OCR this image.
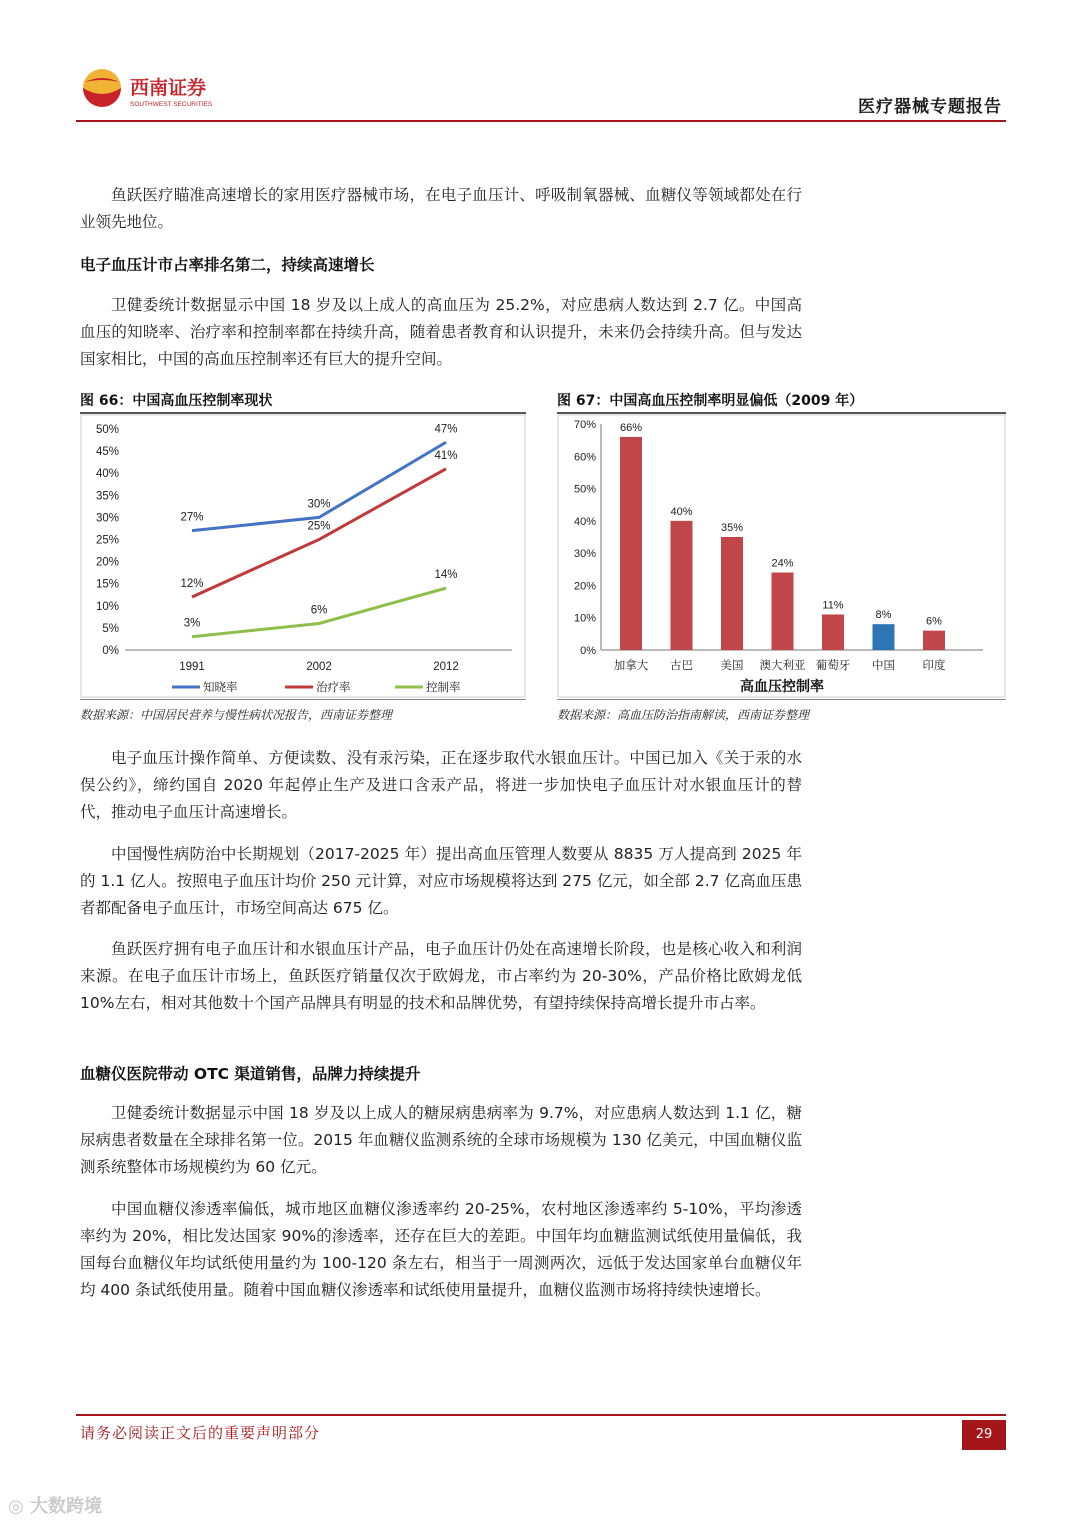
西南证券
SOUTHWEST SECURITIES	医疗器械专题报告

鱼跃医疗瞄准高速增长的家用医疗器械市场，在电子血压计、呼吸制氧器械、血糖仪等领域都处在行业领先地位。

电子血压计市占率排名第二，持续高速增长

卫健委统计数据显示中国 18 岁及以上成人的高血压为 25.2%，对应患病人数达到 2.7 亿。中国高血压的知晓率、治疗率和控制率都在持续升高，随着患者教育和认识提升，未来仍会持续升高。但与发达国家相比，中国的高血压控制率还有巨大的提升空间。

图 66：中国高血压控制率现状
0%
5%
10%
15%
20%
25%
30%
35%
40%
45%
50%
1991	2002	2012
27%
30%
47%
12%
25%
41%
3%
6%
14%
知晓率	治疗率	控制率
数据来源：中国居民营养与慢性病状况报告，西南证券整理
图 67：中国高血压控制率明显偏低（2009 年）
0%
10%
20%
30%
40%
50%
60%
70% 66%
加拿大
40%
古巴
35%
美国
24%
澳大利亚
11%
葡萄牙
8%
中国
6%
印度
高血压控制率
数据来源：高血压防治指南解读，西南证券整理

电子血压计操作简单、方便读数、没有汞污染，正在逐步取代水银血压计。中国已加入《关于汞的水俣公约》，缔约国自 2020 年起停止生产及进口含汞产品，将进一步加快电子血压计对水银血压计的替代，推动电子血压计高速增长。

中国慢性病防治中长期规划（2017-2025 年）提出高血压管理人数要从 8835 万人提高到 2025 年的 1.1 亿人。按照电子血压计均价 250 元计算，对应市场规模将达到 275 亿元，如全部 2.7 亿高血压患者都配备电子血压计，市场空间高达 675 亿。

鱼跃医疗拥有电子血压计和水银血压计产品，电子血压计仍处在高速增长阶段，也是核心收入和利润来源。在电子血压计市场上，鱼跃医疗销量仅次于欧姆龙，市占率约为 20-30%，产品价格比欧姆龙低 10%左右，相对其他数十个国产品牌具有明显的技术和品牌优势，有望持续保持高增长提升市占率。

血糖仪医院带动 OTC 渠道销售，品牌力持续提升

卫健委统计数据显示中国 18 岁及以上成人的糖尿病患病率为 9.7%，对应患病人数达到 1.1 亿，糖尿病患者数量在全球排名第一位。2015 年血糖仪监测系统的全球市场规模为 130 亿美元，中国血糖仪监测系统整体市场规模约为 60 亿元。

中国血糖仪渗透率偏低，城市地区血糖仪渗透率约 20-25%，农村地区渗透率约 5-10%，平均渗透率约为 20%，相比发达国家 90%的渗透率，还存在巨大的差距。中国年均血糖监测试纸使用量偏低，我国每台血糖仪年均试纸使用量约为 100-120 条左右，相当于一周测两次，远低于发达国家单台血糖仪年均 400 条试纸使用量。随着中国血糖仪渗透率和试纸使用量提升，血糖仪监测市场将持续快速增长。

请务必阅读正文后的重要声明部分	29
◎ 大数跨境
